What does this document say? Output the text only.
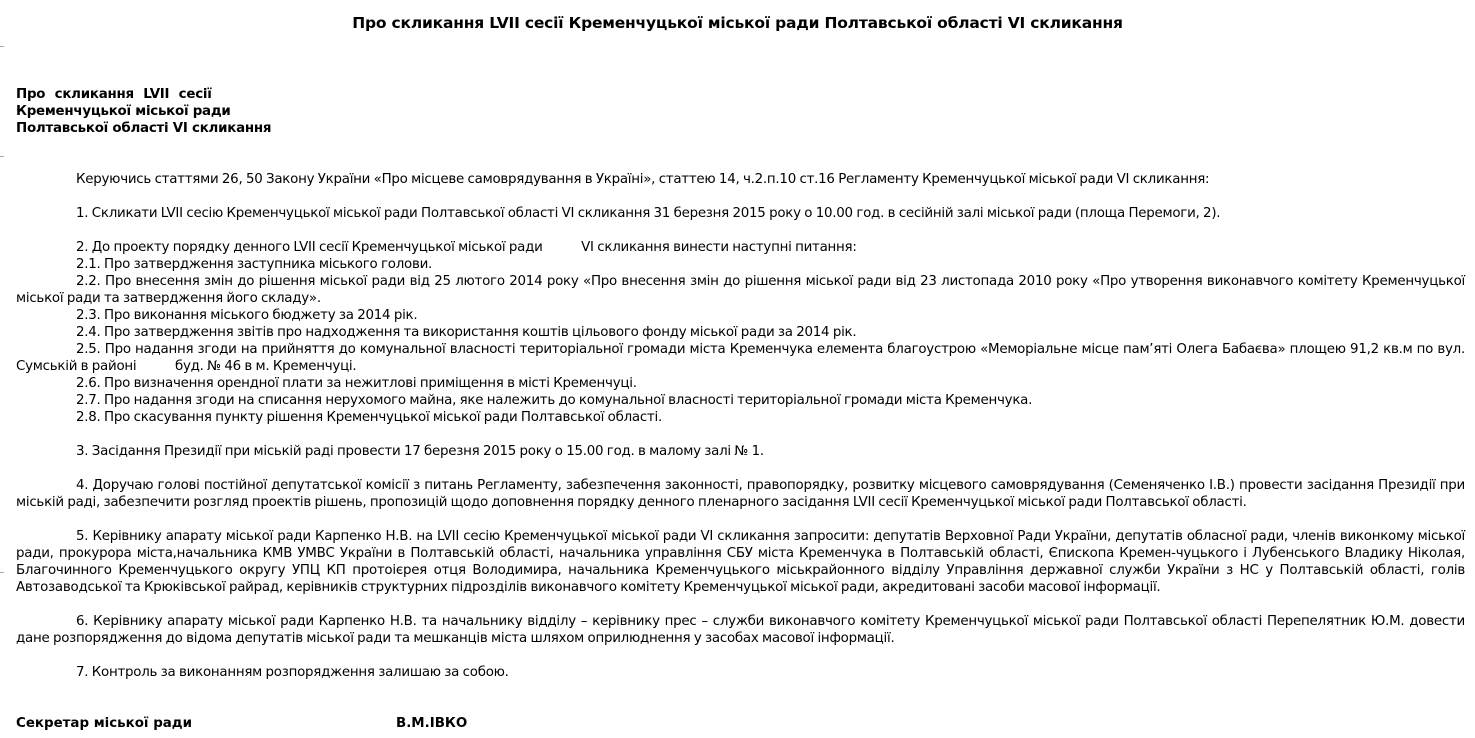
Про скликання LVII сесії Кременчуцької міської ради Полтавської області VI скликання

Про скликання LVII сесії

Кременчуцької міської ради

Полтавської області VI скликання

Керуючись статтями 26, 50 Закону України «Про місцеве самоврядування в Україні», статтею 14, ч.2.п.10 ст.16 Регламенту Кременчуцької міської ради VI скликання:

1. Скликати LVII сесію Кременчуцької міської ради Полтавської області VI скликання 31 березня 2015 року о 10.00 год. в сесійній залі міської ради (площа Перемоги, 2).

2. До проекту порядку денного LVII сесії Кременчуцької міської ради           VI скликання винести наступні питання:

2.1. Про затвердження заступника міського голови.

2.2. Про внесення змін до рішення міської ради від 25 лютого 2014 року «Про внесення змін до рішення міської ради від 23 листопада 2010 року «Про утворення виконавчого комітету Кременчуцької міської ради та затвердження його складу».

2.3. Про виконання міського бюджету за 2014 рік.

2.4. Про затвердження звітів про надходження та використання коштів цільового фонду міської ради за 2014 рік.

2.5. Про надання згоди на прийняття до комунальної власності територіальної громади міста Кременчука елемента благоустрою «Меморіальне місце пам’яті Олега Бабаєва» площею 91,2 кв.м по вул. Сумській в районі           буд. № 46 в м. Кременчуці.

2.6. Про визначення орендної плати за нежитлові приміщення в місті Кременчуці.

2.7. Про надання згоди на списання нерухомого майна, яке належить до комунальної власності територіальної громади міста Кременчука.

2.8. Про скасування пункту рішення Кременчуцької міської ради Полтавської області.

3. Засідання Президії при міській раді провести 17 березня 2015 року о 15.00 год. в малому залі № 1.

4. Доручаю голові постійної депутатської комісії з питань Регламенту, забезпечення законності, правопорядку, розвитку місцевого самоврядування (Семеняченко І.В.) провести засідання Президії при міській раді, забезпечити розгляд проектів рішень, пропозицій щодо доповнення порядку денного пленарного засідання LVII сесії Кременчуцької міської ради Полтавської області.

5. Керівнику апарату міської ради Карпенко Н.В. на LVII сесію Кременчуцької міської ради VI скликання запросити: депутатів Верховної Ради України, депутатів обласної ради, членів виконкому міської ради, прокурора міста,начальника КМВ УМВС України в Полтавській області, начальника управління СБУ міста Кременчука в Полтавській області, Єпископа Кремен-чуцького і Лубенського Владику Ніколая, Благочинного Кременчуцького округу УПЦ КП протоієрея отця Володимира, начальника Кременчуцького міськрайонного відділу Управління державної служби України з НС у Полтавській області, голів Автозаводської та Крюківської райрад, керівників структурних підрозділів виконавчого комітету Кременчуцької міської ради, акредитовані засоби масової інформації.

6. Керівнику апарату міської ради Карпенко Н.В. та начальнику відділу – керівнику прес – служби виконавчого комітету Кременчуцької міської ради Полтавської області Перепелятник Ю.М. довести дане розпорядження до відома депутатів міської ради та мешканців міста шляхом оприлюднення у засобах масової інформації.

7. Контроль за виконанням розпорядження залишаю за собою.

Секретар міської ради	В.М.ІВКО
